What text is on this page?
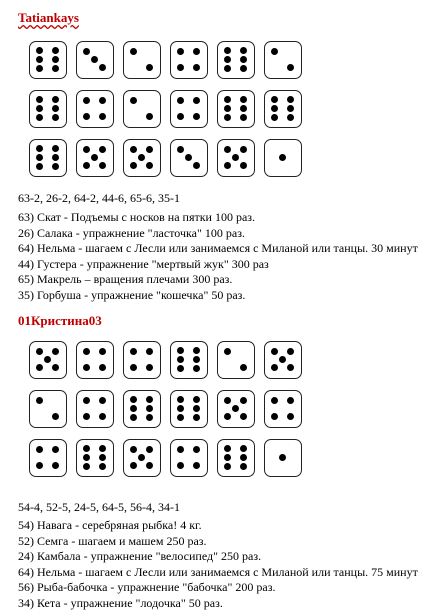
Tatiankays
63-2, 26-2, 64-2, 44-6, 65-6, 35-1
63) Скат - Подъемы с носков на пятки 100 раз.
26) Салака - упражнение "ласточка" 100 раз.
64) Нельма - шагаем с Лесли или занимаемся с Миланой или танцы. 30 минут
44) Густера - упражнение "мертвый жук" 300 раз
65) Макрель – вращения плечами 300 раз.
35) Горбуша - упражнение "кошечка" 50 раз.
01Кристина03
54-4, 52-5, 24-5, 64-5, 56-4, 34-1
54) Навага - серебряная рыбка! 4 кг.
52) Семга - шагаем и машем 250 раз.
24) Камбала - упражнение "велосипед" 250 раз.
64) Нельма - шагаем с Лесли или занимаемся с Миланой или танцы. 75 минут
56) Рыба-бабочка - упражнение "бабочка" 200 раз.
34) Кета - упражнение "лодочка" 50 раз.
